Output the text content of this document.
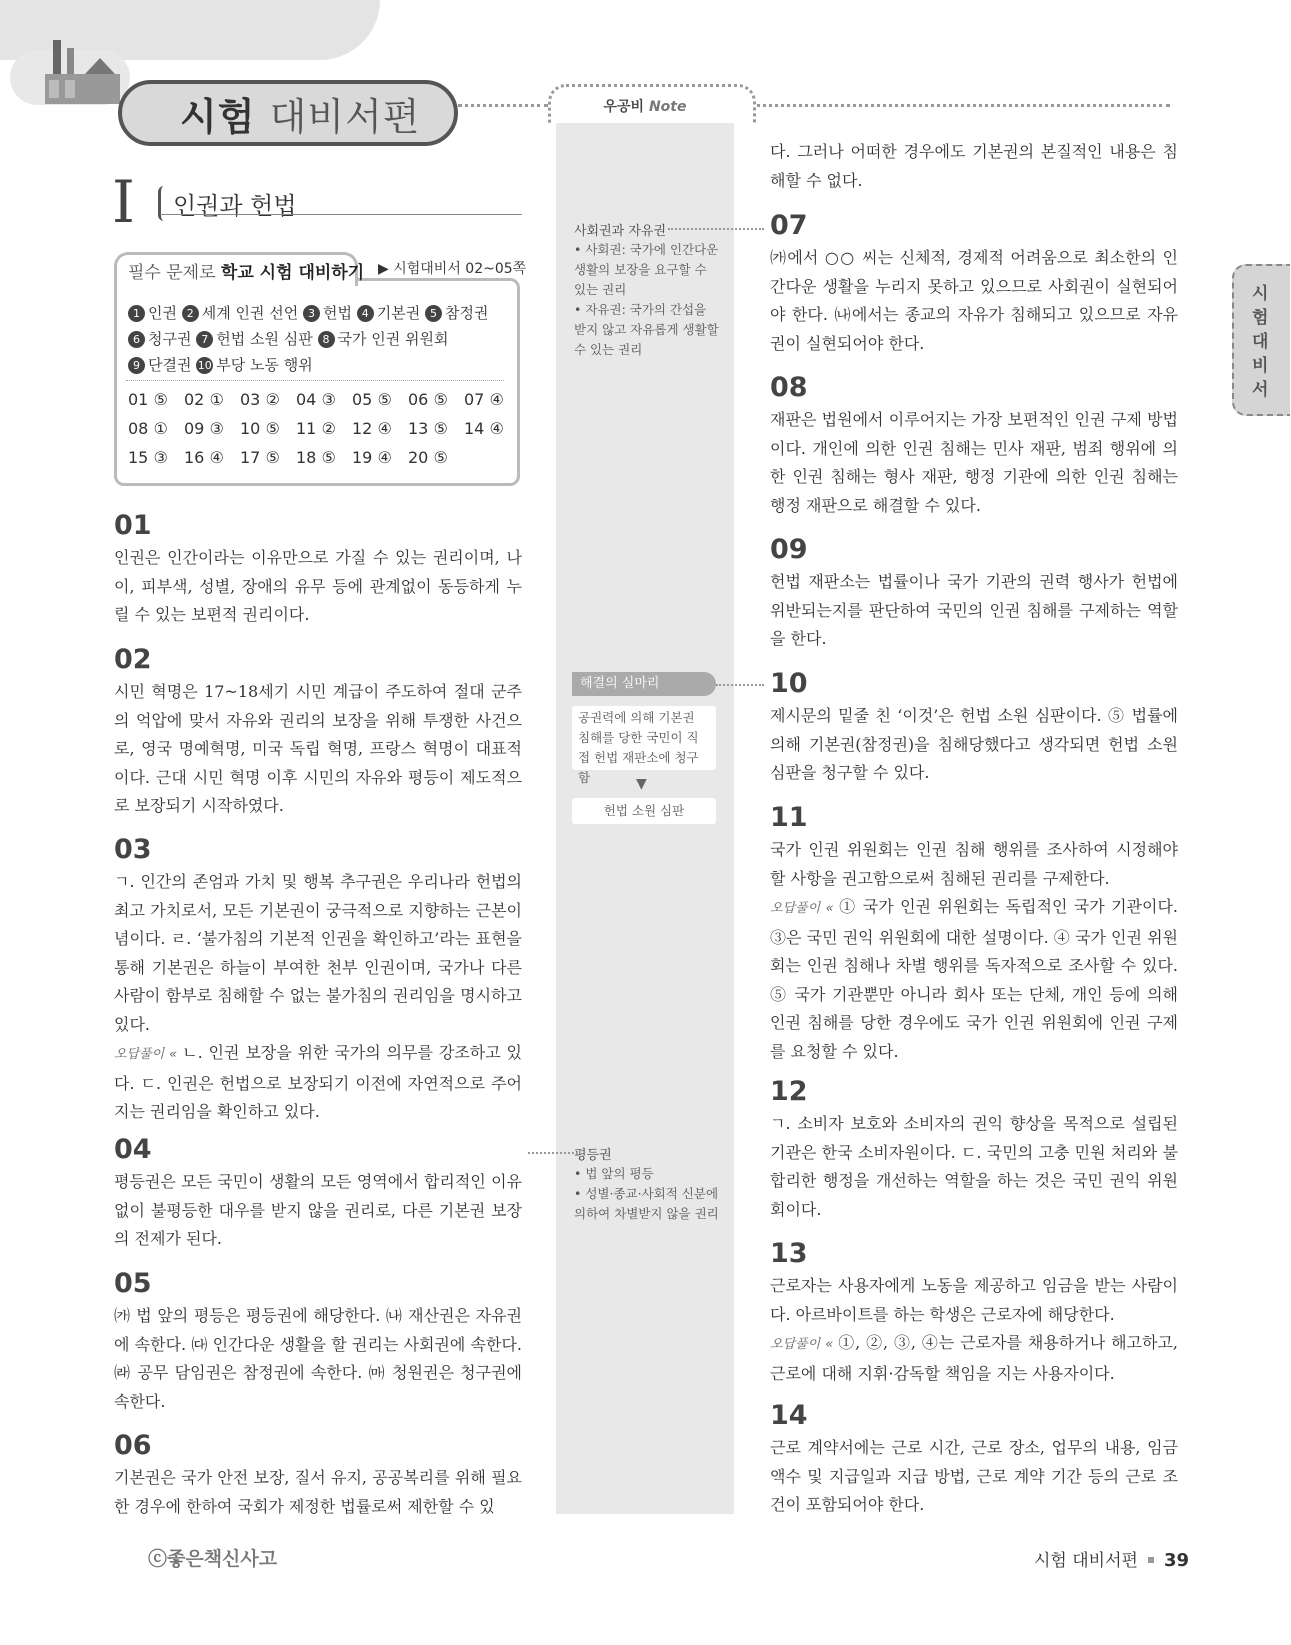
시험 대비서편	우공비 Note
I	인권과 헌법
필수 문제로 학교 시험 대비하기 ▶ 시험대비서 02~05쪽
1 인권 2 세계 인권 선언 3 헌법 4 기본권 5 참정권
6 청구권 7 헌법 소원 심판 8 국가 인권 위원회
9 단결권 10 부당 노동 행위
01 ⑤ 02 ① 03 ② 04 ③ 05 ⑤ 06 ⑤ 07 ④
08 ① 09 ③ 10 ⑤ 11 ② 12 ④ 13 ⑤ 14 ④
15 ③ 16 ④ 17 ⑤ 18 ⑤ 19 ④ 20 ⑤
01
인권은 인간이라는 이유만으로 가질 수 있는 권리이며, 나이, 피부색, 성별, 장애의 유무 등에 관계없이 동등하게 누릴 수 있는 보편적 권리이다.
02
시민 혁명은 17~18세기 시민 계급이 주도하여 절대 군주의 억압에 맞서 자유와 권리의 보장을 위해 투쟁한 사건으로, 영국 명예혁명, 미국 독립 혁명, 프랑스 혁명이 대표적이다. 근대 시민 혁명 이후 시민의 자유와 평등이 제도적으로 보장되기 시작하였다.
03
ㄱ. 인간의 존엄과 가치 및 행복 추구권은 우리나라 헌법의 최고 가치로서, 모든 기본권이 궁극적으로 지향하는 근본이념이다. ㄹ. ‘불가침의 기본적 인권을 확인하고’라는 표현을 통해 기본권은 하늘이 부여한 천부 인권이며, 국가나 다른 사람이 함부로 침해할 수 없는 불가침의 권리임을 명시하고 있다.
오답풀이 « ㄴ. 인권 보장을 위한 국가의 의무를 강조하고 있다. ㄷ. 인권은 헌법으로 보장되기 이전에 자연적으로 주어지는 권리임을 확인하고 있다.
04
평등권은 모든 국민이 생활의 모든 영역에서 합리적인 이유 없이 불평등한 대우를 받지 않을 권리로, 다른 기본권 보장의 전제가 된다.
05
㈎ 법 앞의 평등은 평등권에 해당한다. ㈏ 재산권은 자유권에 속한다. ㈐ 인간다운 생활을 할 권리는 사회권에 속한다. ㈑ 공무 담임권은 참정권에 속한다. ㈒ 청원권은 청구권에 속한다.
06
기본권은 국가 안전 보장, 질서 유지, 공공복리를 위해 필요한 경우에 한하여 국회가 제정한 법률로써 제한할 수 있
다. 그러나 어떠한 경우에도 기본권의 본질적인 내용은 침해할 수 없다.
07
㈎에서 ○○ 씨는 신체적, 경제적 어려움으로 최소한의 인간다운 생활을 누리지 못하고 있으므로 사회권이 실현되어야 한다. ㈏에서는 종교의 자유가 침해되고 있으므로 자유권이 실현되어야 한다.
08
재판은 법원에서 이루어지는 가장 보편적인 인권 구제 방법이다. 개인에 의한 인권 침해는 민사 재판, 범죄 행위에 의한 인권 침해는 형사 재판, 행정 기관에 의한 인권 침해는 행정 재판으로 해결할 수 있다.
09
헌법 재판소는 법률이나 국가 기관의 권력 행사가 헌법에 위반되는지를 판단하여 국민의 인권 침해를 구제하는 역할을 한다.
10
제시문의 밑줄 친 ‘이것’은 헌법 소원 심판이다. ⑤ 법률에 의해 기본권(참정권)을 침해당했다고 생각되면 헌법 소원 심판을 청구할 수 있다.
11
국가 인권 위원회는 인권 침해 행위를 조사하여 시정해야 할 사항을 권고함으로써 침해된 권리를 구제한다.
오답풀이 « ① 국가 인권 위원회는 독립적인 국가 기관이다. ③은 국민 권익 위원회에 대한 설명이다. ④ 국가 인권 위원회는 인권 침해나 차별 행위를 독자적으로 조사할 수 있다. ⑤ 국가 기관뿐만 아니라 회사 또는 단체, 개인 등에 의해 인권 침해를 당한 경우에도 국가 인권 위원회에 인권 구제를 요청할 수 있다.
12
ㄱ. 소비자 보호와 소비자의 권익 향상을 목적으로 설립된 기관은 한국 소비자원이다. ㄷ. 국민의 고충 민원 처리와 불합리한 행정을 개선하는 역할을 하는 것은 국민 권익 위원회이다.
13
근로자는 사용자에게 노동을 제공하고 임금을 받는 사람이다. 아르바이트를 하는 학생은 근로자에 해당한다.
오답풀이 « ①, ②, ③, ④는 근로자를 채용하거나 해고하고, 근로에 대해 지휘·감독할 책임을 지는 사용자이다.
14
근로 계약서에는 근로 시간, 근로 장소, 업무의 내용, 임금 액수 및 지급일과 지급 방법, 근로 계약 기간 등의 근로 조건이 포함되어야 한다.
사회권과 자유권
• 사회권: 국가에 인간다운 생활의 보장을 요구할 수 있는 권리
• 자유권: 국가의 간섭을 받지 않고 자유롭게 생활할 수 있는 권리
해결의 실마리
공권력에 의해 기본권 침해를 당한 국민이 직접 헌법 재판소에 청구함	▼
헌법 소원 심판
평등권
• 법 앞의 평등
• 성별·종교·사회적 신분에 의하여 차별받지 않을 권리
시험대비서
ⓒ좋은책신사고	시험 대비서편 39
